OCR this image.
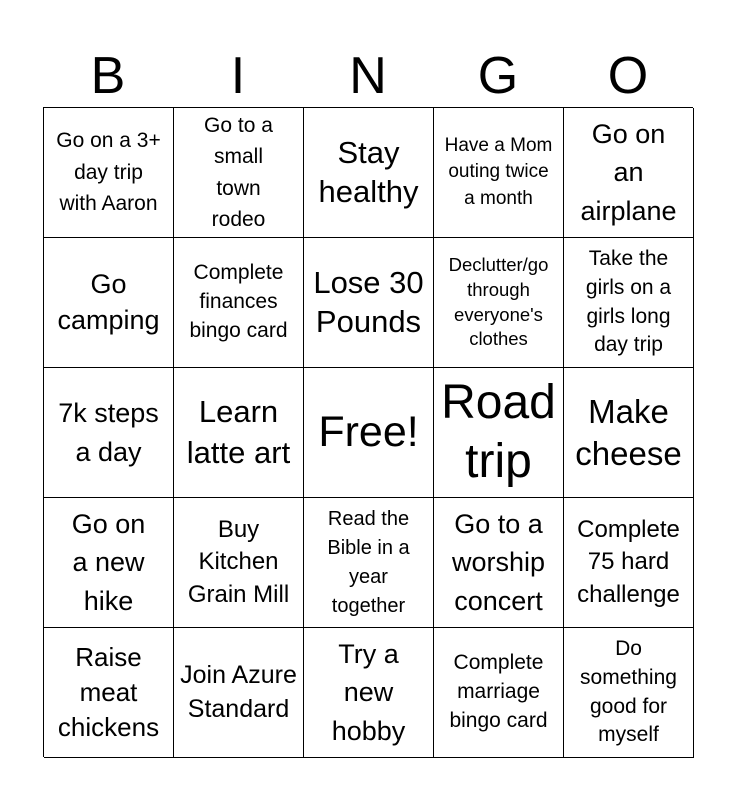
B	I	N	G	O
Go on a 3+ day trip with Aaron
Go to a small town rodeo
Stay healthy
Have a Mom outing twice a month
Go on an airplane
Go camping
Complete finances bingo card
Lose 30 Pounds
Declutter/go through everyone's clothes
Take the girls on a girls long day trip
7k steps a day
Learn latte art Free!
Road trip
Make cheese
Go on a new hike
Buy Kitchen Grain Mill
Read the Bible in a year together
Go to a worship concert
Complete 75 hard challenge
Raise meat chickens
Join Azure Standard
Try a new hobby
Complete marriage bingo card
Do something good for myself
